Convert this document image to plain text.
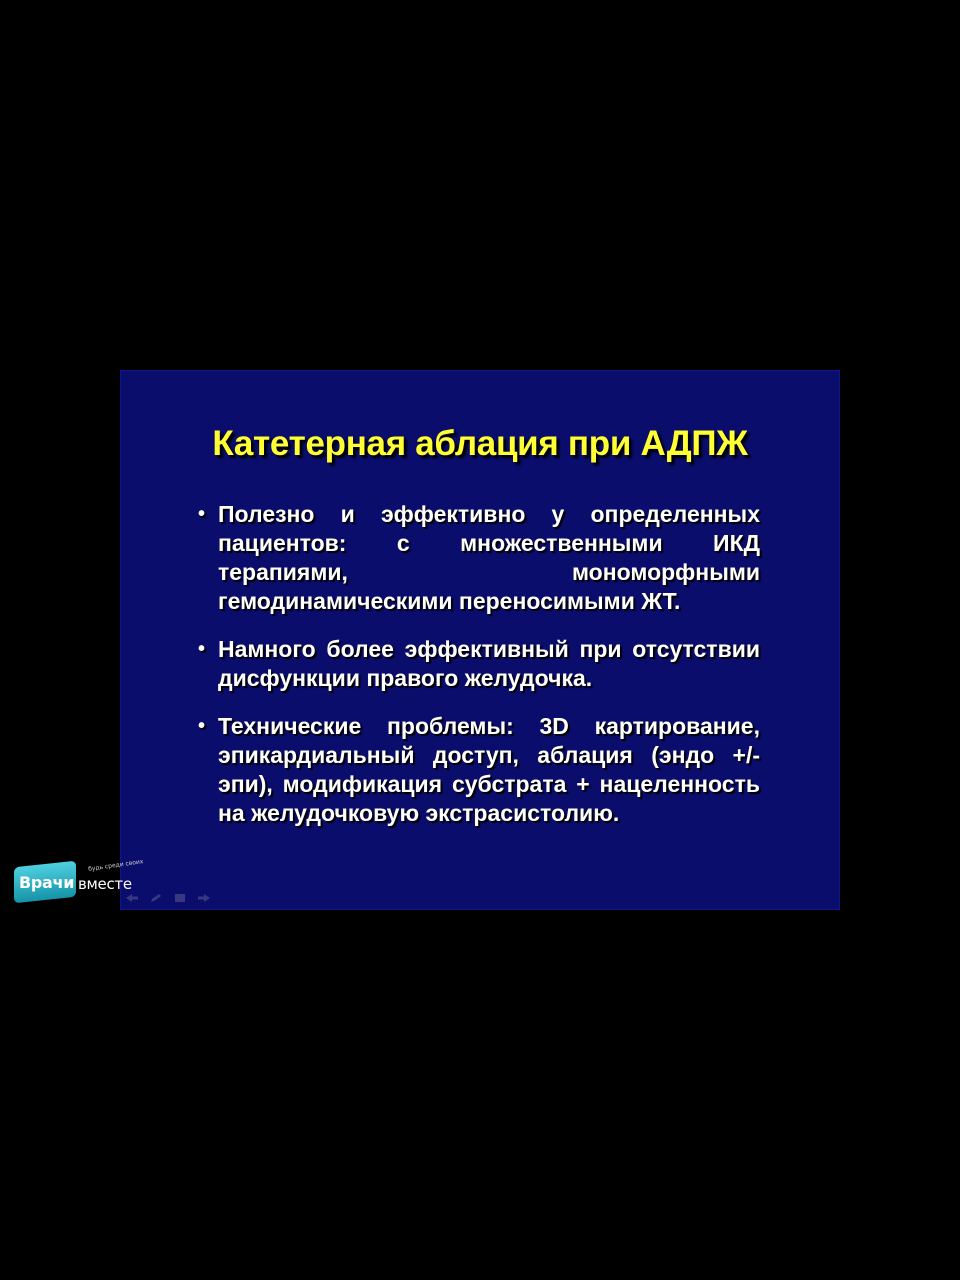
Катетерная аблация при АДПЖ
• Полезно и эффективно у определенных пациентов: с множественными ИКД терапиями, мономорфными гемодинамическими переносимыми ЖТ.
• Намного более эффективный при отсутствии дисфункции правого желудочка.
• Технические проблемы: 3D картирование, эпикардиальный доступ, аблация (эндо +/- эпи), модификация субстрата + нацеленность на желудочковую экстрасистолию.
Врачи вместе
будь среди своих
